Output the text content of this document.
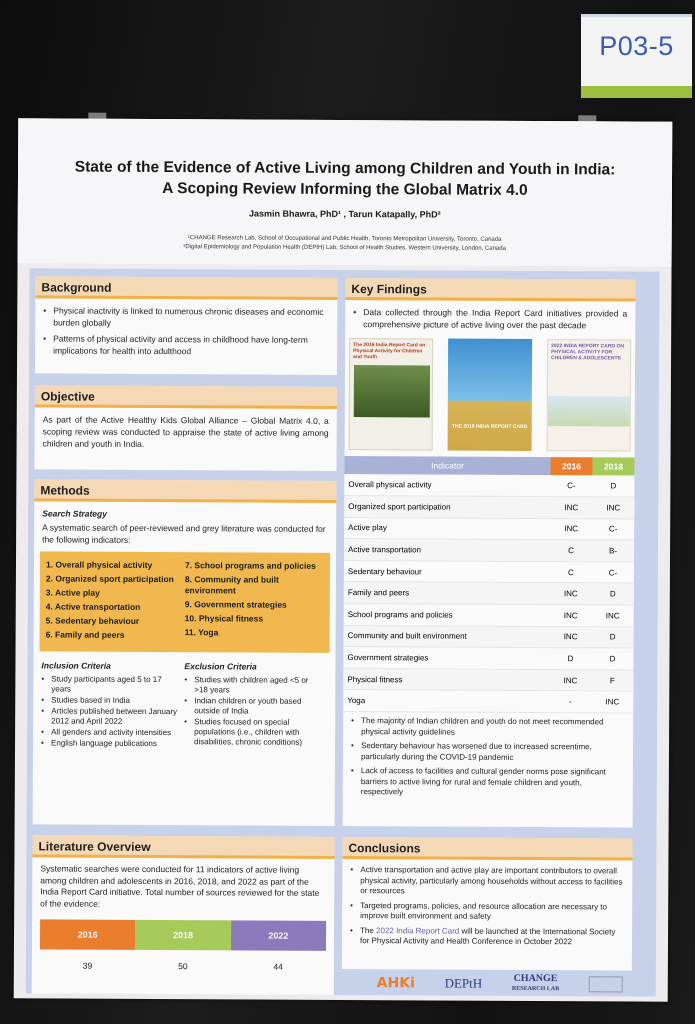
P03-5
State of the Evidence of Active Living among Children and Youth in India:
A Scoping Review Informing the Global Matrix 4.0
Jasmin Bhawra, PhD¹ , Tarun Katapally, PhD²
¹CHANGE Research Lab, School of Occupational and Public Health, Toronto Metropolitan University, Toronto, Canada
²Digital Epidemiology and Population Health (DEPtH) Lab, School of Health Studies, Western University, London, Canada
Background
• Physical inactivity is linked to numerous chronic diseases and economic burden globally
• Patterns of physical activity and access in childhood have long-term implications for health into adulthood
Objective
As part of the Active Healthy Kids Global Alliance – Global Matrix 4.0, a scoping review was conducted to appraise the state of active living among children and youth in India.
Methods
Search Strategy
A systematic search of peer-reviewed and grey literature was conducted for the following indicators:
1. Overall physical activity
2. Organized sport participation
3. Active play
4. Active transportation
5. Sedentary behaviour
6. Family and peers
7. School programs and policies
8. Community and built environment
9. Government strategies
10. Physical fitness
11. Yoga
Inclusion Criteria
• Study participants aged 5 to 17 years
• Studies based in India
• Articles published between January 2012 and April 2022
• All genders and activity intensities
• English language publications
Exclusion Criteria
• Studies with children aged <5 or >18 years
• Indian children or youth based outside of India
• Studies focused on special populations (i.e., children with disabilities, chronic conditions)
Literature Overview
Systematic searches were conducted for 11 indicators of active living among children and adolescents in 2016, 2018, and 2022 as part of the India Report Card initiative. Total number of sources reviewed for the state of the evidence:
2016	2018	2022
39	50	44
Key Findings
• Data collected through the India Report Card initiatives provided a comprehensive picture of active living over the past decade
The 2016 India Report Card on Physical Activity for Children and Youth
THE 2018 INDIA REPORT CARD
2022 INDIA REPORT CARD ON PHYSICAL ACTIVITY FOR CHILDREN & ADOLESCENTS
Indicator	2016	2018
Overall physical activity	C-	D
Organized sport participation	INC	INC
Active play	INC	C-
Active transportation	C	B-
Sedentary behaviour	C	C-
Family and peers	INC	D
School programs and policies	INC	INC
Community and built environment	INC	D
Government strategies	D	D
Physical fitness	INC	F
Yoga	-	INC
• The majority of Indian children and youth do not meet recommended physical activity guidelines
• Sedentary behaviour has worsened due to increased screentime, particularly during the COVID-19 pandemic
• Lack of access to facilities and cultural gender norms pose significant barriers to active living for rural and female children and youth, respectively
Conclusions
• Active transportation and active play are important contributors to overall physical activity, particularly among households without access to facilities or resources
• Targeted programs, policies, and resource allocation are necessary to improve built environment and safety
• The 2022 India Report Card will be launched at the International Society for Physical Activity and Health Conference in October 2022
AHKi DEPtH	CHANGE
RESEARCH LAB
